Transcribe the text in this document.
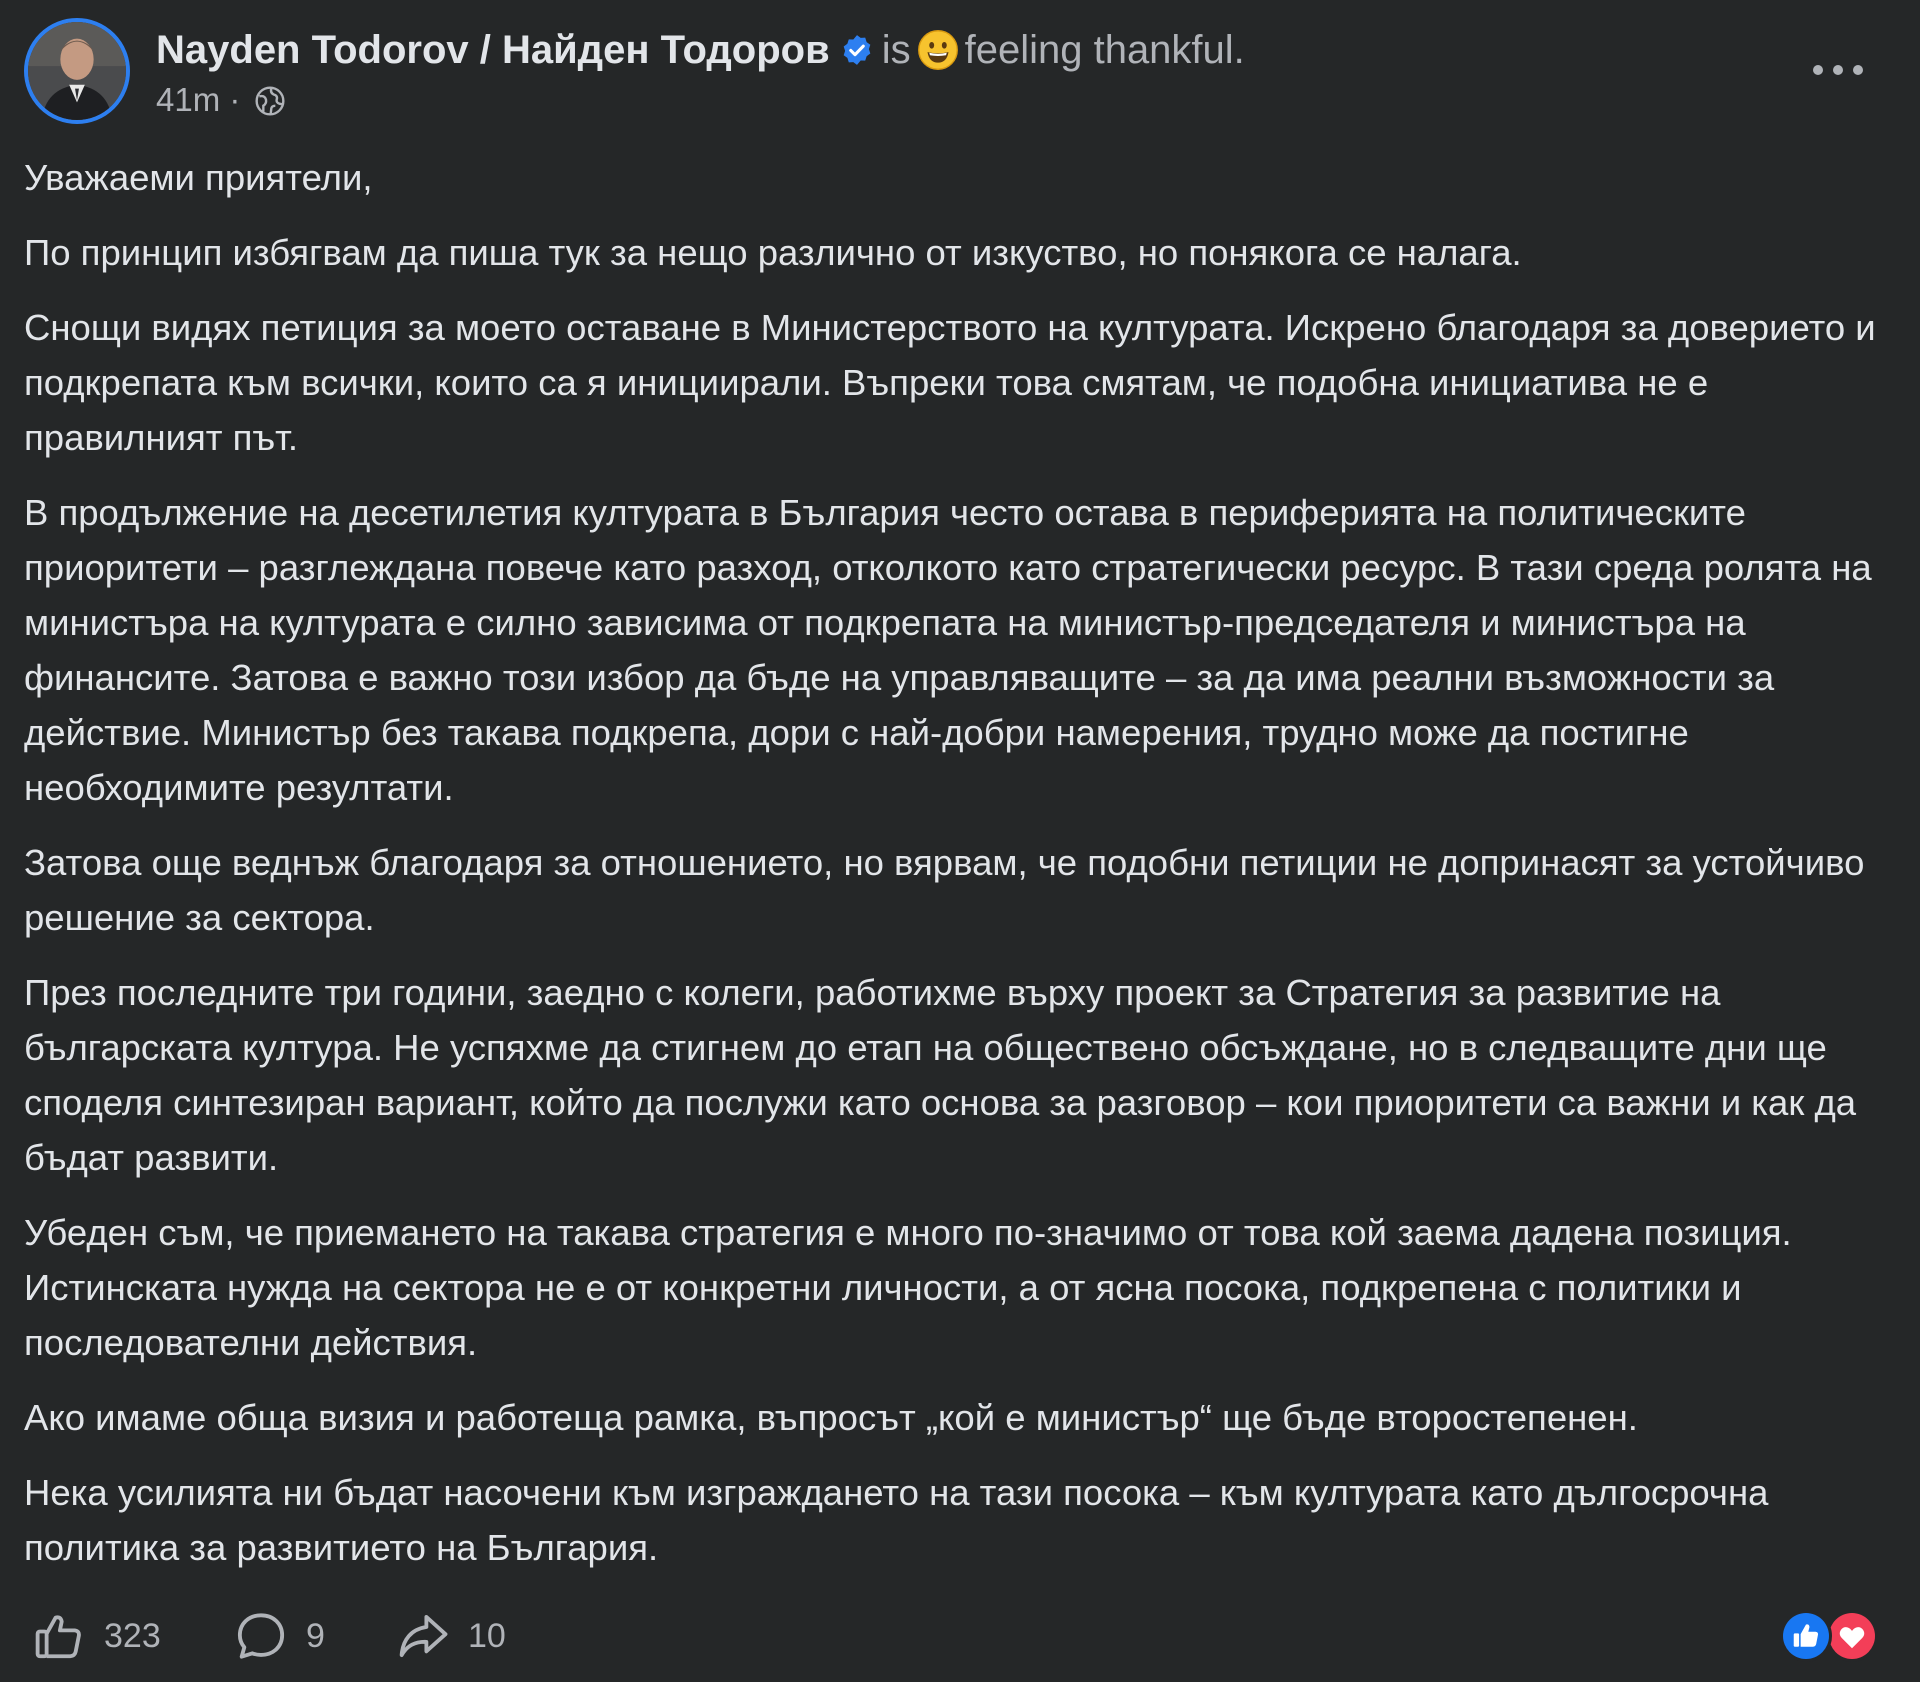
Nayden Todorov / Найден Тодоров is feeling thankful.
41m ·

Уважаеми приятели,

По принцип избягвам да пиша тук за нещо различно от изкуство, но понякога се налага.

Снощи видях петиция за моето оставане в Министерството на културата. Искрено благодаря за доверието и подкрепата към всички, които са я инициирали. Въпреки това смятам, че подобна инициатива не е правилният път.

В продължение на десетилетия културата в България често остава в периферията на политическите приоритети – разглеждана повече като разход, отколкото като стратегически ресурс. В тази среда ролята на министъра на културата е силно зависима от подкрепата на министър-председателя и министъра на финансите. Затова е важно този избор да бъде на управляващите – за да има реални възможности за действие. Министър без такава подкрепа, дори с най-добри намерения, трудно може да постигне необходимите резултати.

Затова още веднъж благодаря за отношението, но вярвам, че подобни петиции не допринасят за устойчиво решение за сектора.

През последните три години, заедно с колеги, работихме върху проект за Стратегия за развитие на българската култура. Не успяхме да стигнем до етап на обществено обсъждане, но в следващите дни ще споделя синтезиран вариант, който да послужи като основа за разговор – кои приоритети са важни и как да бъдат развити.

Убеден съм, че приемането на такава стратегия е много по-значимо от това кой заема дадена позиция. Истинската нужда на сектора не е от конкретни личности, а от ясна посока, подкрепена с политики и последователни действия.

Ако имаме обща визия и работеща рамка, въпросът „кой е министър“ ще бъде второстепенен.

Нека усилията ни бъдат насочени към изграждането на тази посока – към културата като дългосрочна политика за развитието на България.

323	9	10
